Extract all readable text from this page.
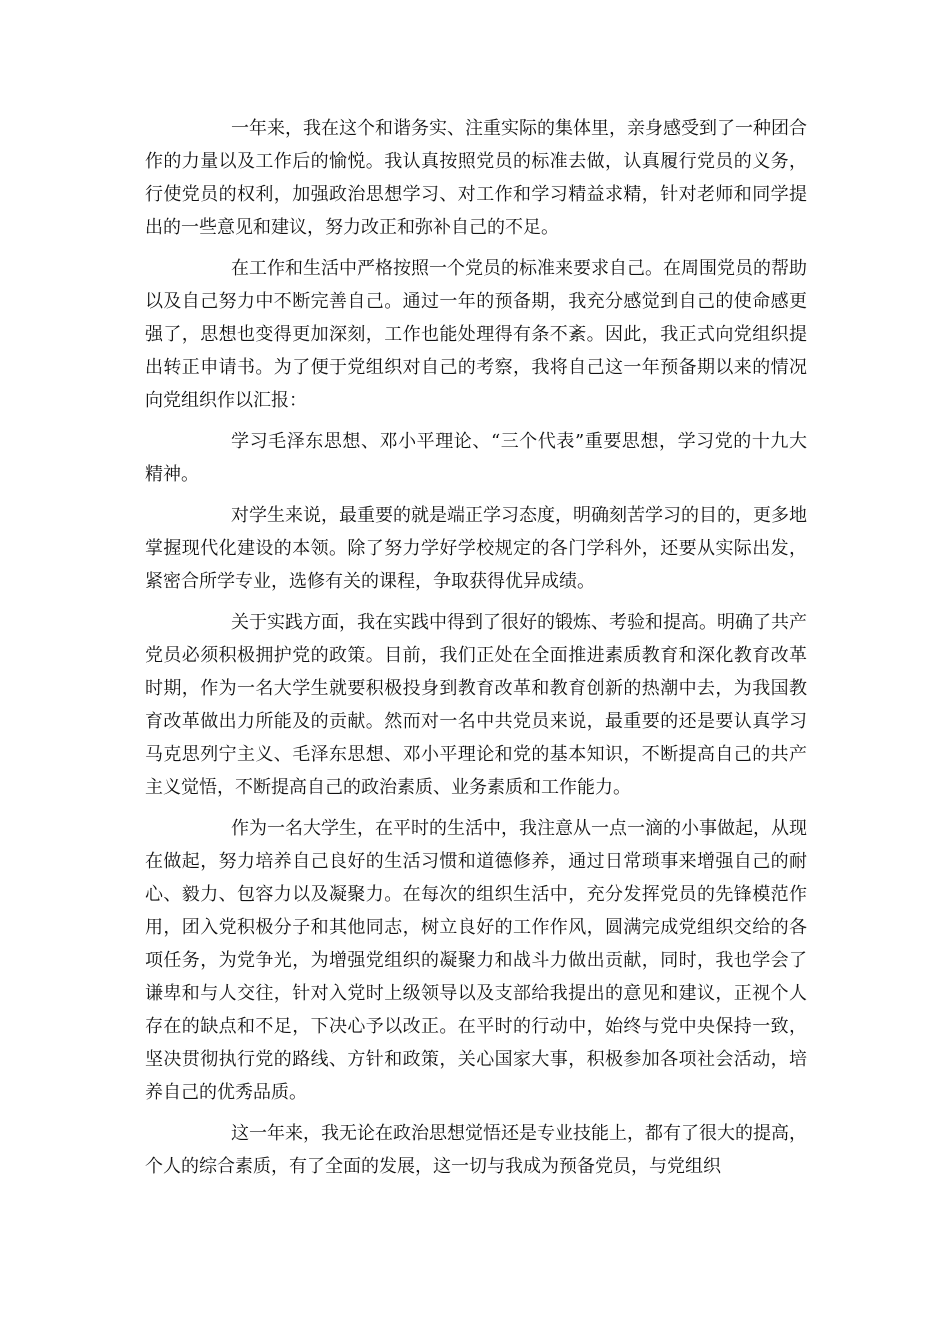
一年来，我在这个和谐务实、注重实际的集体里，亲身感受到了一种团合作的力量以及工作后的愉悦。我认真按照党员的标准去做，认真履行党员的义务，行使党员的权利，加强政治思想学习、对工作和学习精益求精，针对老师和同学提出的一些意见和建议，努力改正和弥补自己的不足。

在工作和生活中严格按照一个党员的标准来要求自己。在周围党员的帮助以及自己努力中不断完善自己。通过一年的预备期，我充分感觉到自己的使命感更强了，思想也变得更加深刻，工作也能处理得有条不紊。因此，我正式向党组织提出转正申请书。为了便于党组织对自己的考察，我将自己这一年预备期以来的情况向党组织作以汇报：

学习毛泽东思想、邓小平理论、“三个代表”重要思想，学习党的十九大精神。

对学生来说，最重要的就是端正学习态度，明确刻苦学习的目的，更多地掌握现代化建设的本领。除了努力学好学校规定的各门学科外，还要从实际出发，紧密合所学专业，选修有关的课程，争取获得优异成绩。

关于实践方面，我在实践中得到了很好的锻炼、考验和提高。明确了共产党员必须积极拥护党的政策。目前，我们正处在全面推进素质教育和深化教育改革时期，作为一名大学生就要积极投身到教育改革和教育创新的热潮中去，为我国教育改革做出力所能及的贡献。然而对一名中共党员来说，最重要的还是要认真学习马克思列宁主义、毛泽东思想、邓小平理论和党的基本知识，不断提高自己的共产主义觉悟，不断提高自己的政治素质、业务素质和工作能力。

作为一名大学生，在平时的生活中，我注意从一点一滴的小事做起，从现在做起，努力培养自己良好的生活习惯和道德修养，通过日常琐事来增强自己的耐心、毅力、包容力以及凝聚力。在每次的组织生活中，充分发挥党员的先锋模范作用，团入党积极分子和其他同志，树立良好的工作作风，圆满完成党组织交给的各项任务，为党争光，为增强党组织的凝聚力和战斗力做出贡献，同时，我也学会了谦卑和与人交往，针对入党时上级领导以及支部给我提出的意见和建议，正视个人存在的缺点和不足，下决心予以改正。在平时的行动中，始终与党中央保持一致，坚决贯彻执行党的路线、方针和政策，关心国家大事，积极参加各项社会活动，培养自己的优秀品质。

这一年来，我无论在政治思想觉悟还是专业技能上，都有了很大的提高，个人的综合素质，有了全面的发展，这一切与我成为预备党员，与党组织
